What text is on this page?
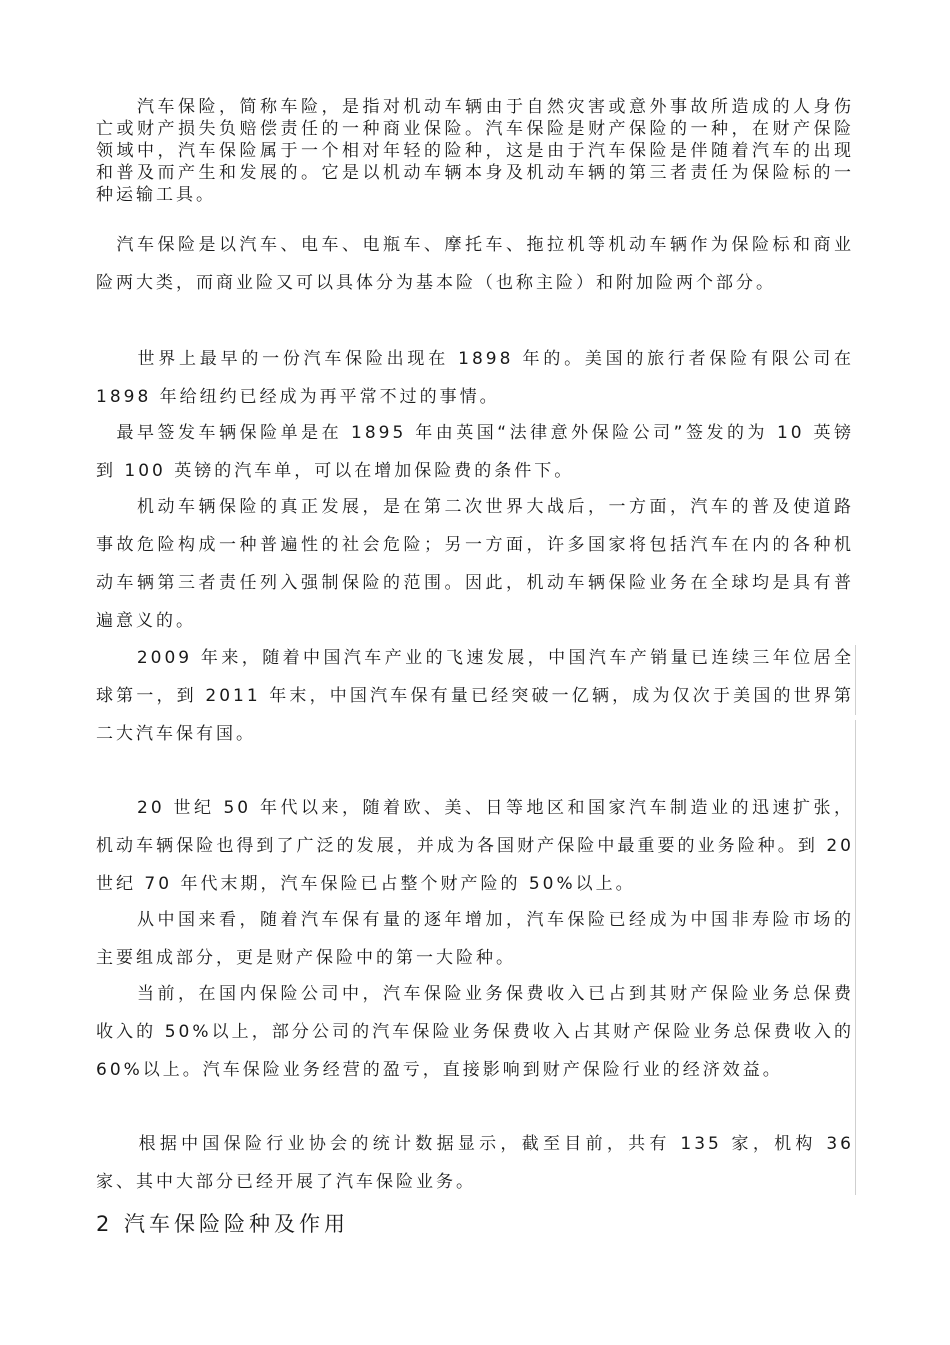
　　汽车保险，简称车险，是指对机动车辆由于自然灾害或意外事故所造成的人身伤亡或财产损失负赔偿责任的一种商业保险。汽车保险是财产保险的一种，在财产保险领域中，汽车保险属于一个相对年轻的险种，这是由于汽车保险是伴随着汽车的出现和普及而产生和发展的。它是以机动车辆本身及机动车辆的第三者责任为保险标的一种运输工具。

　汽车保险是以汽车、电车、电瓶车、摩托车、拖拉机等机动车辆作为保险标和商业险两大类，而商业险又可以具体分为基本险（也称主险）和附加险两个部分。

　　世界上最早的一份汽车保险出现在 1898 年的。美国的旅行者保险有限公司在 1898 年给纽约已经成为再平常不过的事情。

　最早签发车辆保险单是在 1895 年由英国“法律意外保险公司”签发的为 10 英镑到 100 英镑的汽车单，可以在增加保险费的条件下。

　　机动车辆保险的真正发展，是在第二次世界大战后，一方面，汽车的普及使道路事故危险构成一种普遍性的社会危险；另一方面，许多国家将包括汽车在内的各种机动车辆第三者责任列入强制保险的范围。因此，机动车辆保险业务在全球均是具有普遍意义的。

　　2009 年来，随着中国汽车产业的飞速发展，中国汽车产销量已连续三年位居全球第一，到 2011 年末，中国汽车保有量已经突破一亿辆，成为仅次于美国的世界第二大汽车保有国。

　　20 世纪 50 年代以来，随着欧、美、日等地区和国家汽车制造业的迅速扩张，机动车辆保险也得到了广泛的发展，并成为各国财产保险中最重要的业务险种。到 20 世纪 70 年代末期，汽车保险已占整个财产险的 50%以上。

　　从中国来看，随着汽车保有量的逐年增加，汽车保险已经成为中国非寿险市场的主要组成部分，更是财产保险中的第一大险种。

　　当前，在国内保险公司中，汽车保险业务保费收入已占到其财产保险业务总保费收入的 50%以上，部分公司的汽车保险业务保费收入占其财产保险业务总保费收入的 60%以上。汽车保险业务经营的盈亏，直接影响到财产保险行业的经济效益。

　　根据中国保险行业协会的统计数据显示，截至目前，共有 135 家，机构 36 家、其中大部分已经开展了汽车保险业务。

2 汽车保险险种及作用
